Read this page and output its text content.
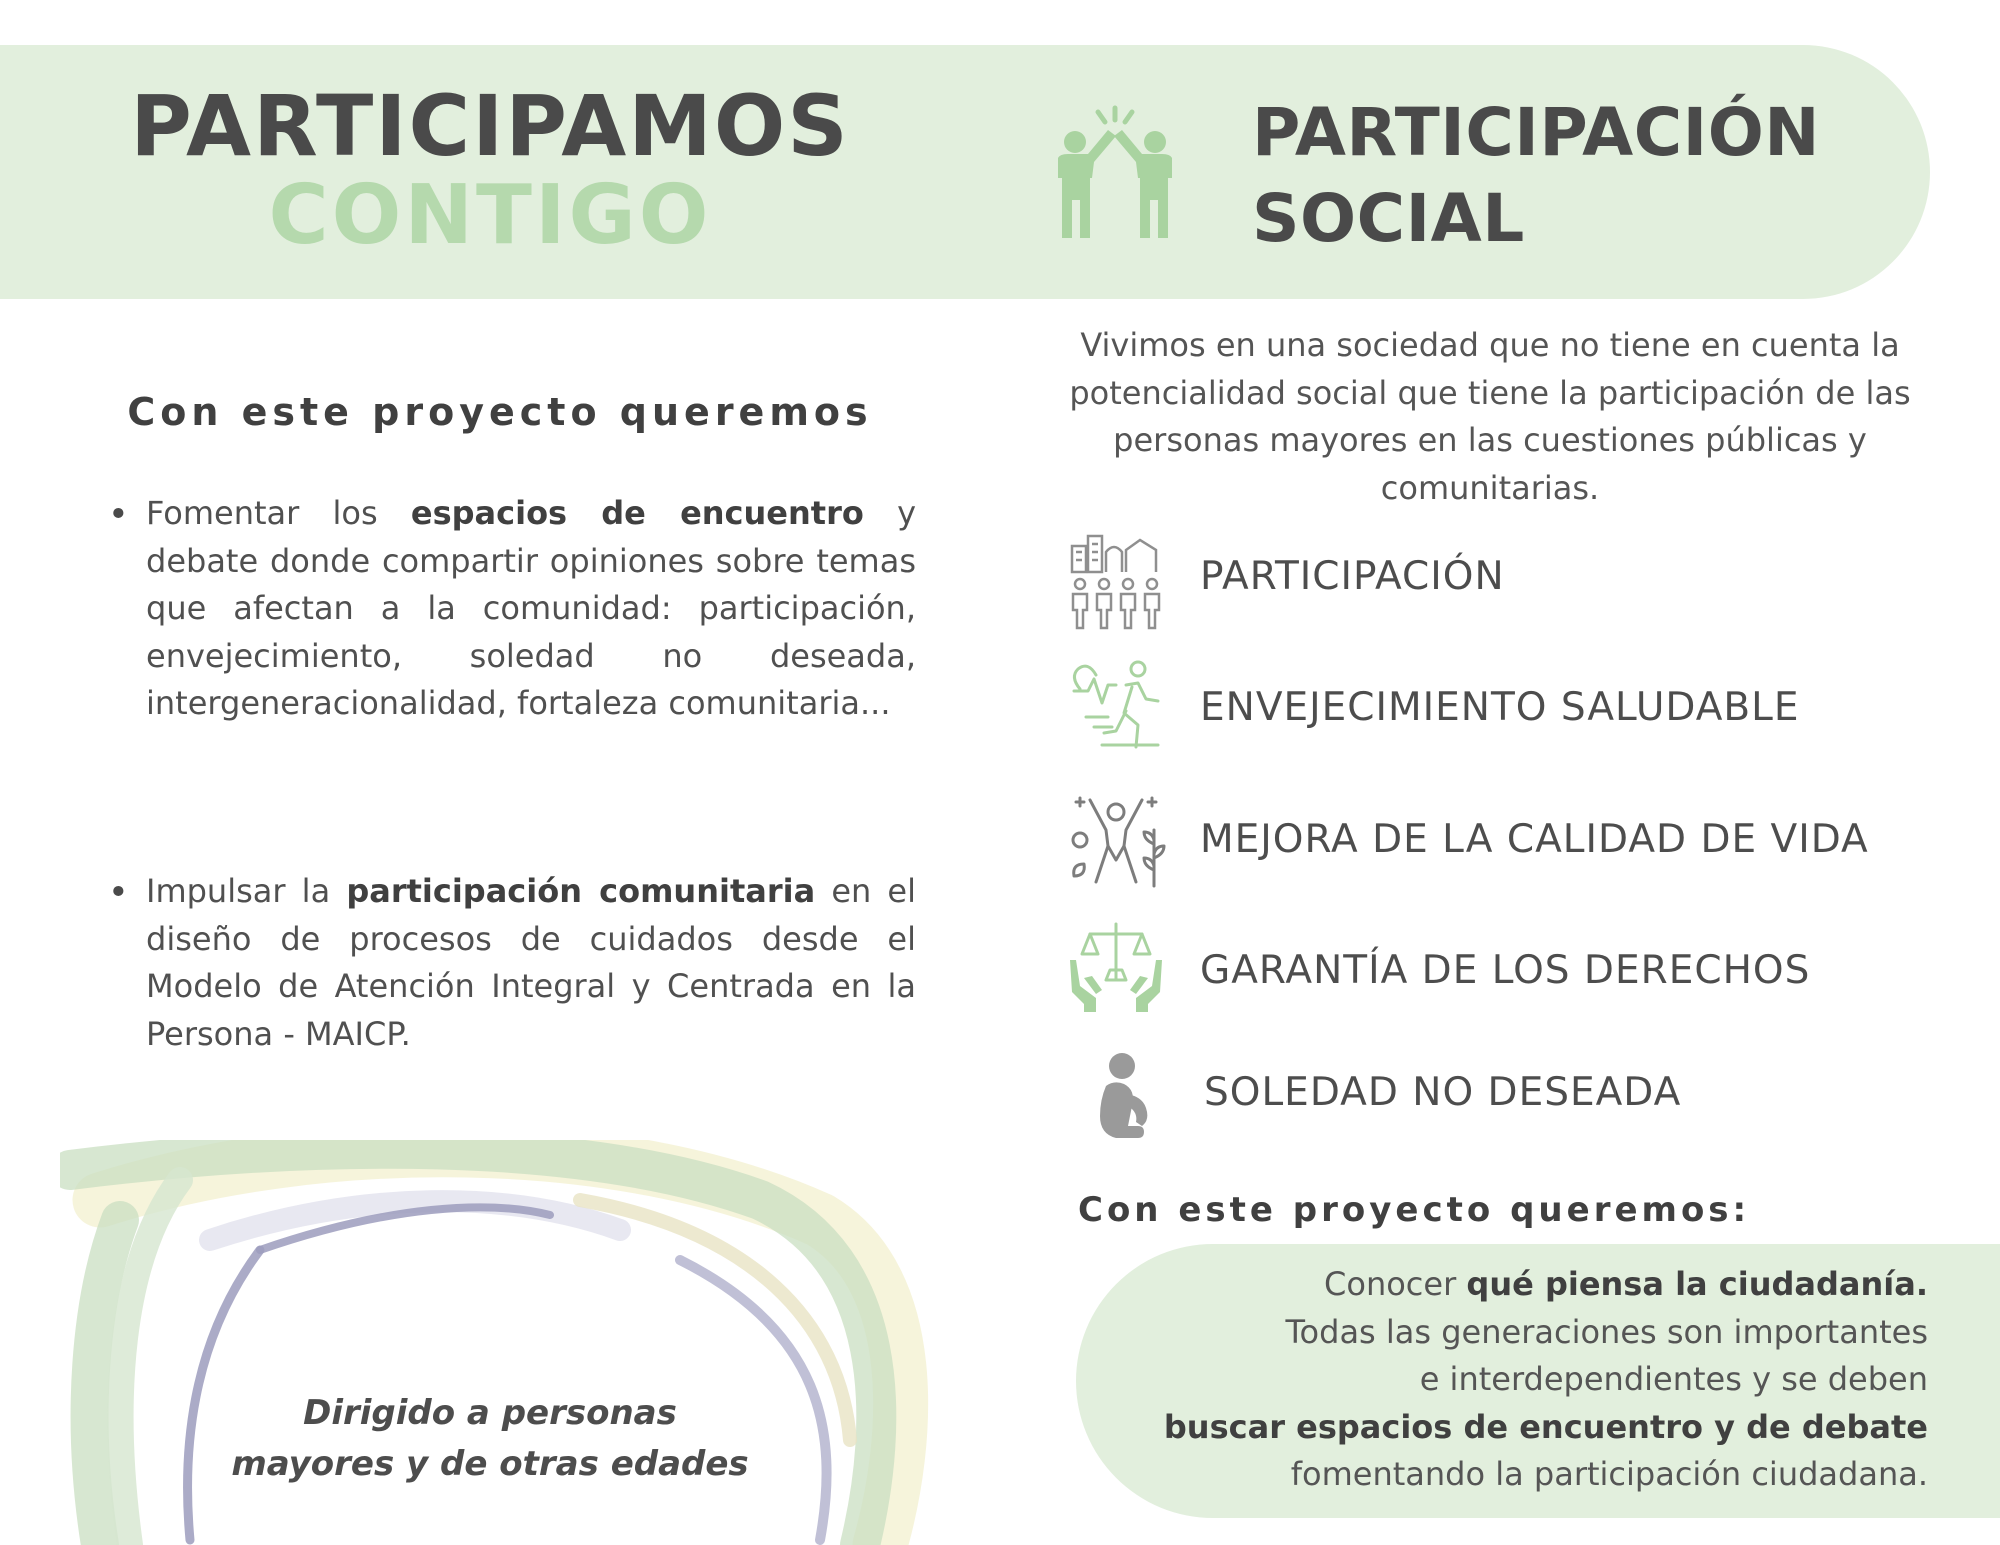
PARTICIPAMOS
CONTIGO
PARTICIPACIÓN
SOCIAL
Con este proyecto queremos
• Fomentar los espacios de encuentro y debate donde compartir opiniones sobre temas que afectan a la comunidad: participación, envejecimiento, soledad no deseada, intergeneracionalidad, fortaleza comunitaria...
• Impulsar la participación comunitaria en el diseño de procesos de cuidados desde el Modelo de Atención Integral y Centrada en la Persona - MAICP.
Dirigido a personas
mayores y de otras edades
Vivimos en una sociedad que no tiene en cuenta la potencialidad social que tiene la participación de las personas mayores en las cuestiones públicas y comunitarias.
PARTICIPACIÓN
ENVEJECIMIENTO SALUDABLE
MEJORA DE LA CALIDAD DE VIDA
GARANTÍA DE LOS DERECHOS
SOLEDAD NO DESEADA
Con este proyecto queremos:
Conocer qué piensa la ciudadanía.
Todas las generaciones son importantes
e interdependientes y se deben
buscar espacios de encuentro y de debate
fomentando la participación ciudadana.
